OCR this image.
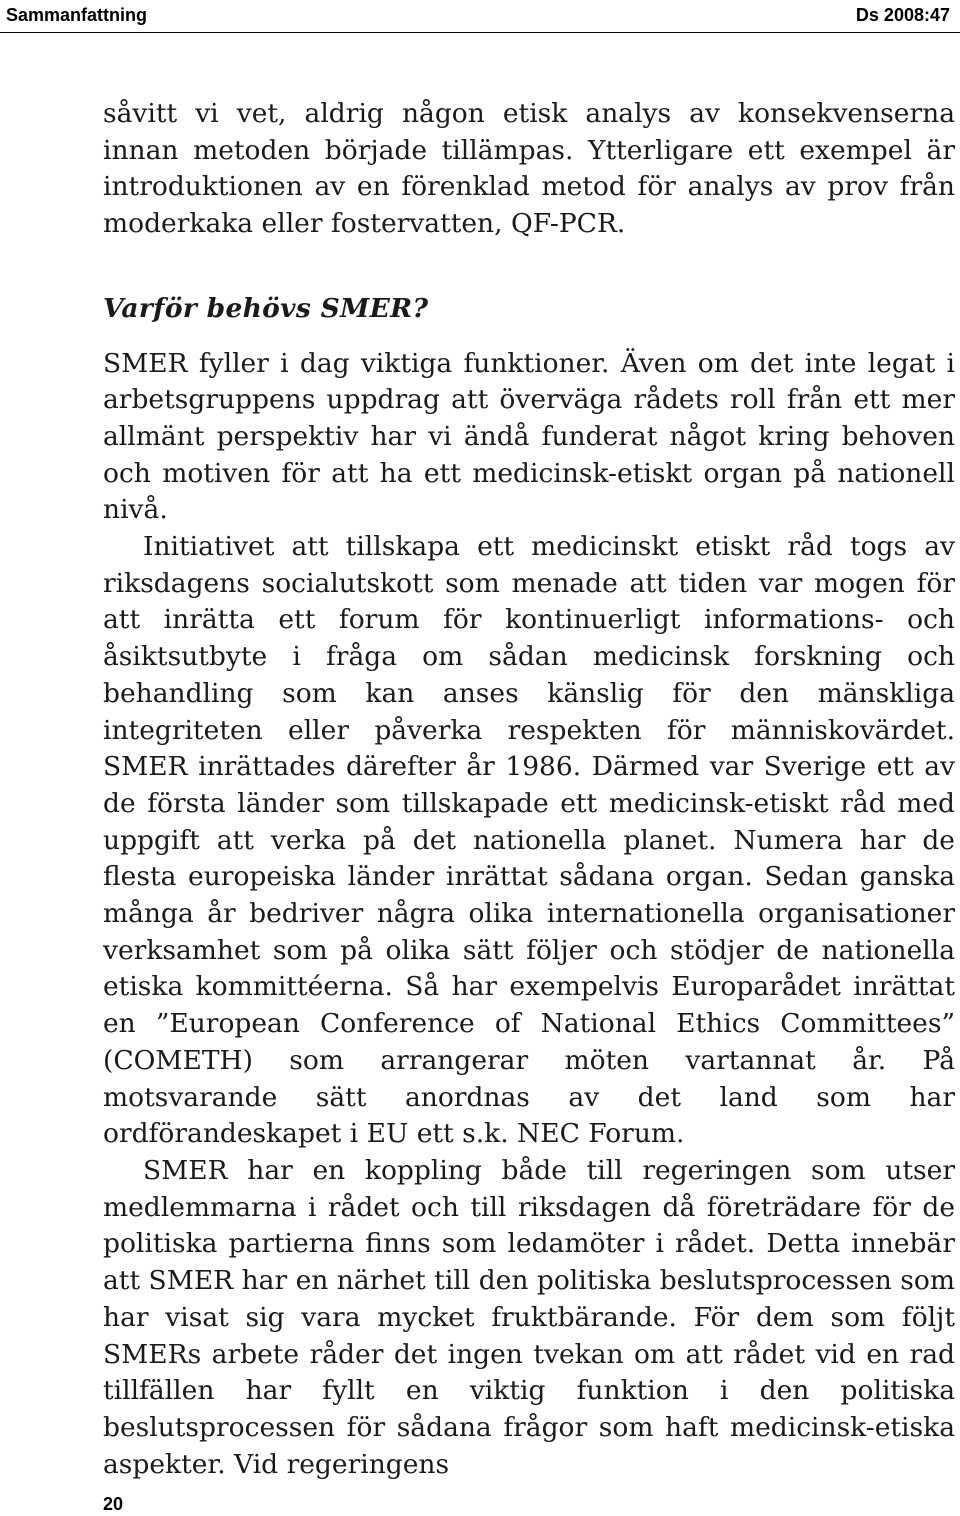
Sammanfattning	Ds 2008:47

såvitt vi vet, aldrig någon etisk analys av konsekvenserna innan metoden började tillämpas. Ytterligare ett exempel är introduktionen av en förenklad metod för analys av prov från moderkaka eller fostervatten, QF-PCR.

Varför behövs SMER?

SMER fyller i dag viktiga funktioner. Även om det inte legat i arbetsgruppens uppdrag att överväga rådets roll från ett mer allmänt perspektiv har vi ändå funderat något kring behoven och motiven för att ha ett medicinsk-etiskt organ på nationell nivå.

Initiativet att tillskapa ett medicinskt etiskt råd togs av riksdagens socialutskott som menade att tiden var mogen för att inrätta ett forum för kontinuerligt informations- och åsiktsutbyte i fråga om sådan medicinsk forskning och behandling som kan anses känslig för den mänskliga integriteten eller påverka respekten för människovärdet. SMER inrättades därefter år 1986. Därmed var Sverige ett av de första länder som tillskapade ett medicinsk-etiskt råd med uppgift att verka på det nationella planet. Numera har de flesta europeiska länder inrättat sådana organ. Sedan ganska många år bedriver några olika internationella organisationer verksamhet som på olika sätt följer och stödjer de nationella etiska kommittéerna. Så har exempelvis Europarådet inrättat en ”European Conference of National Ethics Committees” (COMETH) som arrangerar möten vartannat år. På motsvarande sätt anordnas av det land som har ordförandeskapet i EU ett s.k. NEC Forum.

SMER har en koppling både till regeringen som utser medlemmarna i rådet och till riksdagen då företrädare för de politiska partierna finns som ledamöter i rådet. Detta innebär att SMER har en närhet till den politiska beslutsprocessen som har visat sig vara mycket fruktbärande. För dem som följt SMERs arbete råder det ingen tvekan om att rådet vid en rad tillfällen har fyllt en viktig funktion i den politiska beslutsprocessen för sådana frågor som haft medicinsk-etiska aspekter. Vid regeringens

20
